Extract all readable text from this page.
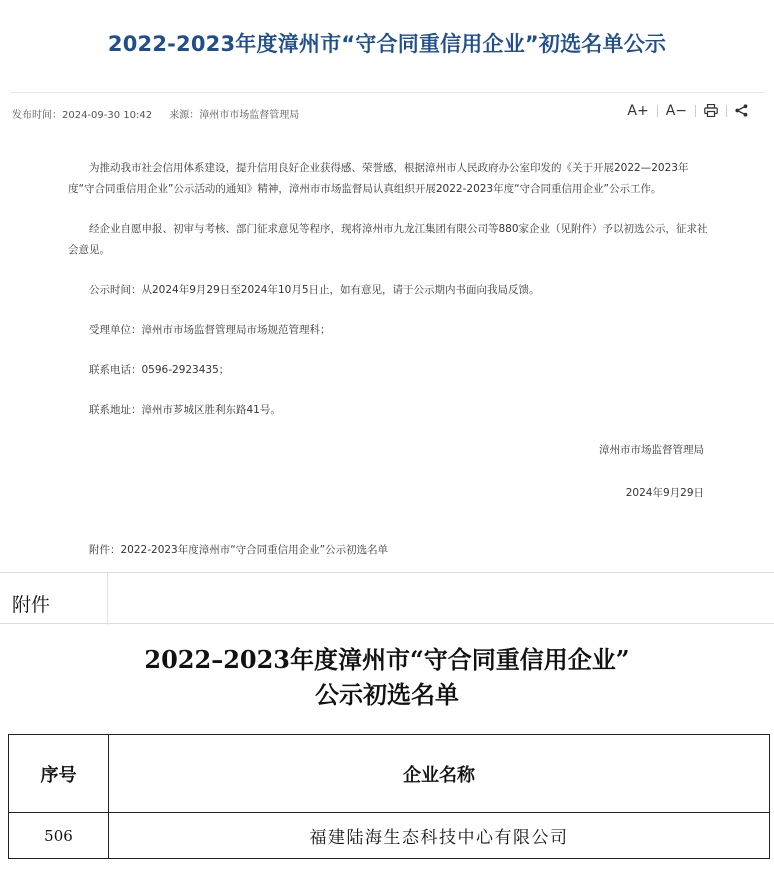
2022-2023年度漳州市“守合同重信用企业”初选名单公示
发布时间：2024-09-30 10:42 来源：漳州市市场监督管理局	A+	A−

为推动我市社会信用体系建设，提升信用良好企业获得感、荣誉感，根据漳州市人民政府办公室印发的《关于开展2022—2023年度“守合同重信用企业”公示活动的通知》精神，漳州市市场监督局认真组织开展2022-2023年度“守合同重信用企业”公示工作。

经企业自愿申报、初审与考核、部门征求意见等程序，现将漳州市九龙江集团有限公司等880家企业（见附件）予以初选公示，征求社会意见。

公示时间：从2024年9月29日至2024年10月5日止，如有意见，请于公示期内书面向我局反馈。

受理单位：漳州市市场监督管理局市场规范管理科；

联系电话：0596-2923435；

联系地址：漳州市芗城区胜利东路41号。

漳州市市场监督管理局

2024年9月29日

附件：2022-2023年度漳州市“守合同重信用企业”公示初选名单
附件
2022–2023年度漳州市“守合同重信用企业”
公示初选名单
序号	企业名称
506	福建陆海生态科技中心有限公司
